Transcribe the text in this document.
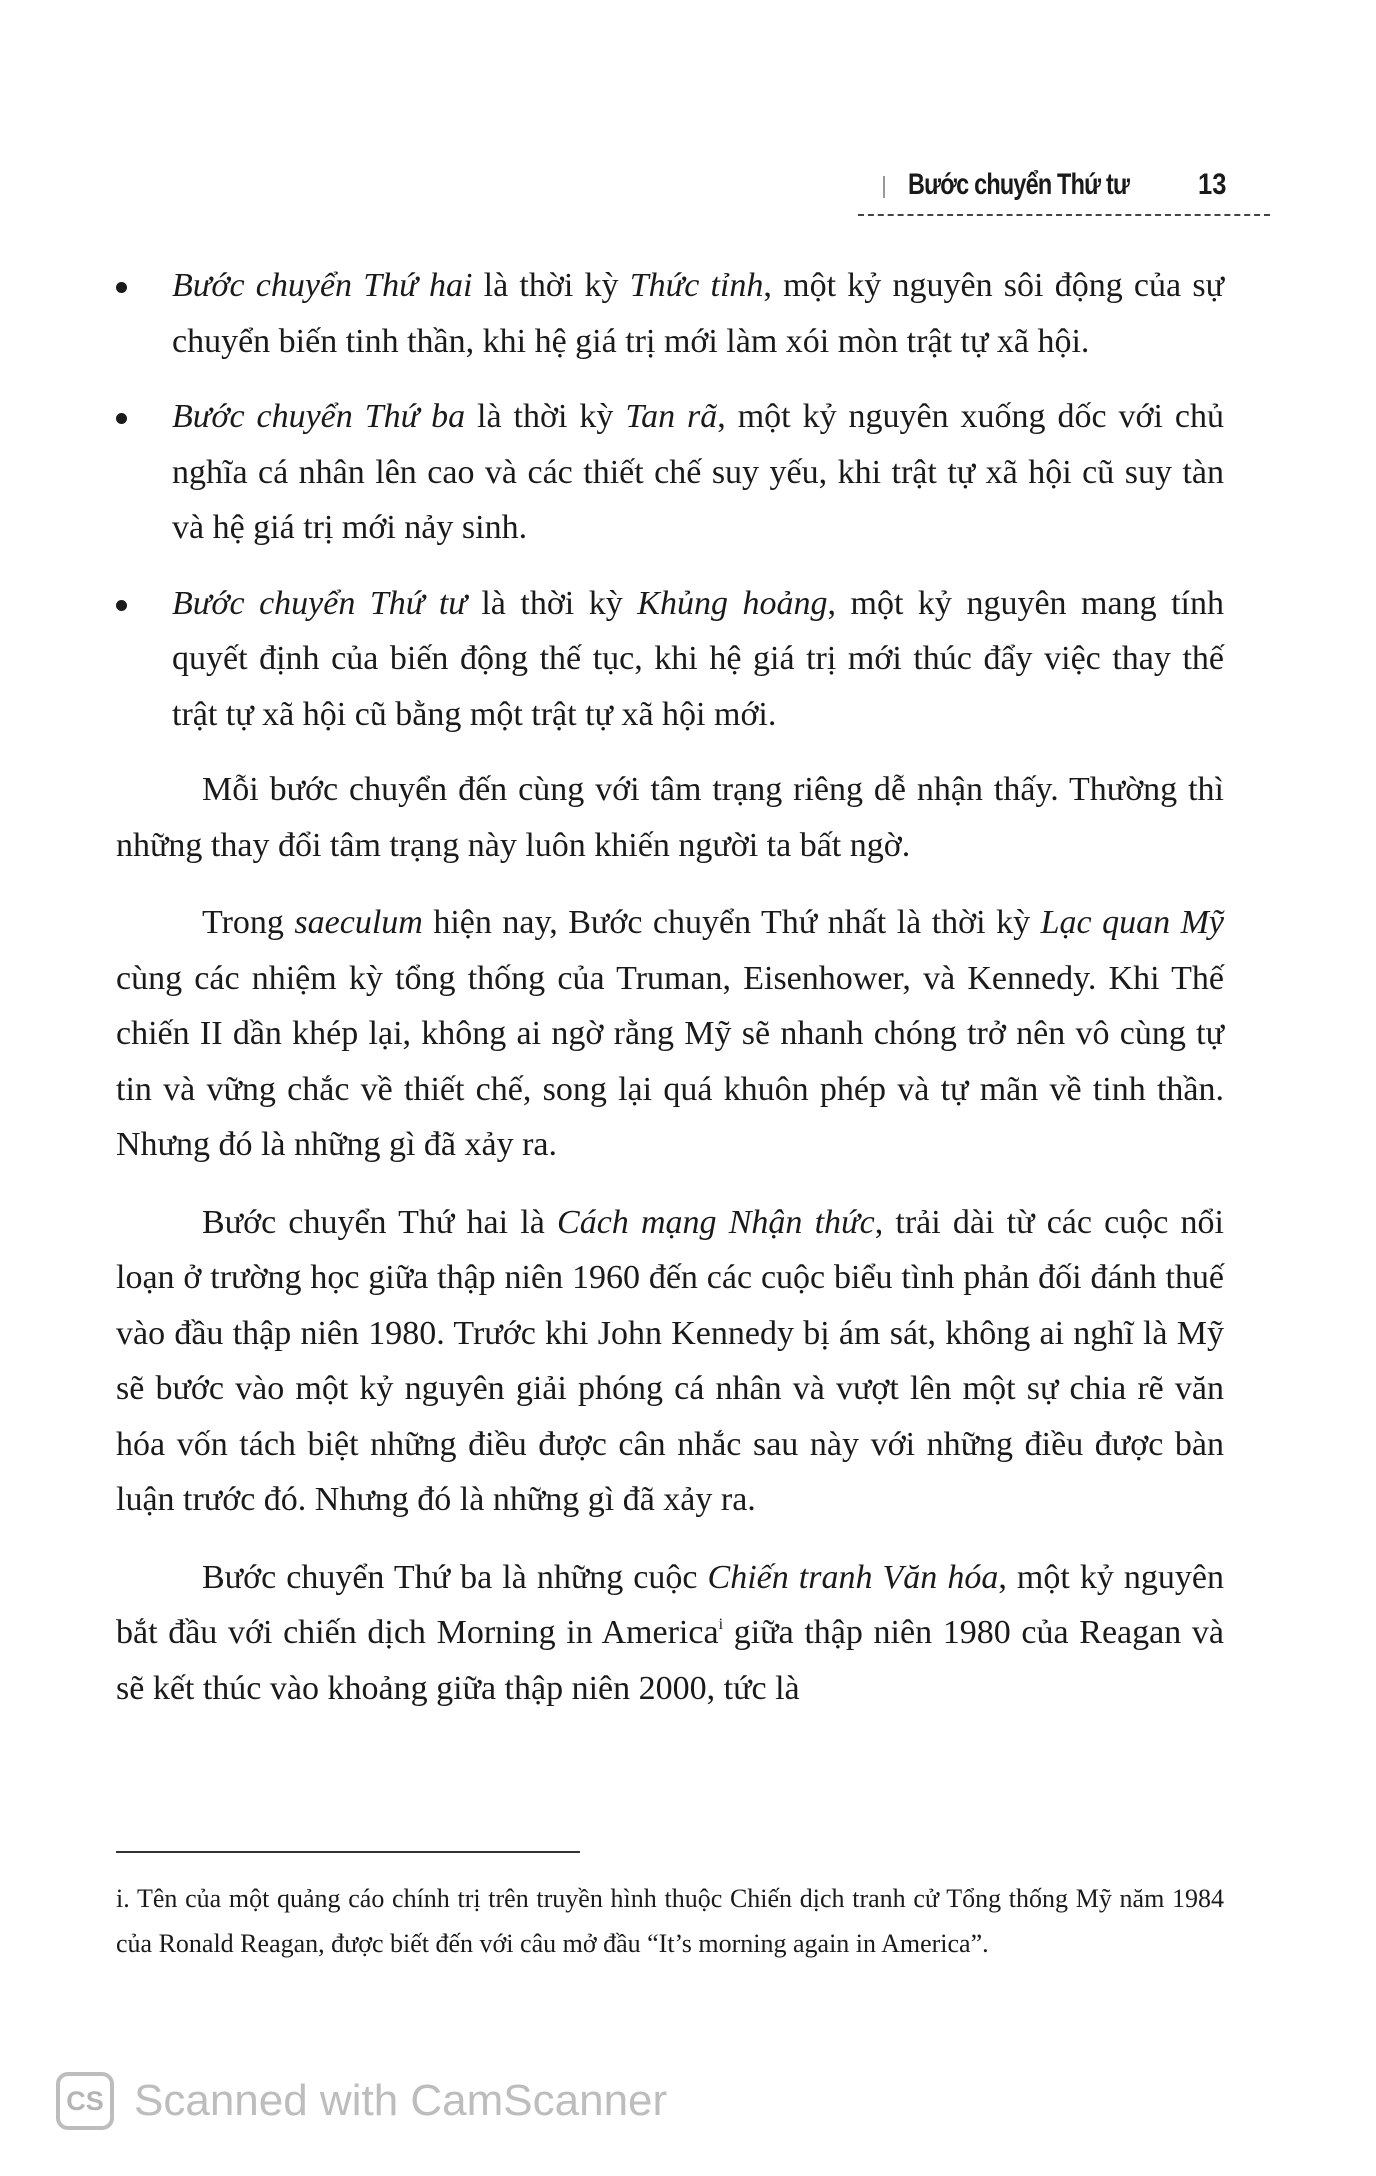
Bước chuyển Thứ tư 13
Bước chuyển Thứ hai là thời kỳ Thức tỉnh, một kỷ nguyên sôi động của sự chuyển biến tinh thần, khi hệ giá trị mới làm xói mòn trật tự xã hội.
Bước chuyển Thứ ba là thời kỳ Tan rã, một kỷ nguyên xuống dốc với chủ nghĩa cá nhân lên cao và các thiết chế suy yếu, khi trật tự xã hội cũ suy tàn và hệ giá trị mới nảy sinh.
Bước chuyển Thứ tư là thời kỳ Khủng hoảng, một kỷ nguyên mang tính quyết định của biến động thế tục, khi hệ giá trị mới thúc đẩy việc thay thế trật tự xã hội cũ bằng một trật tự xã hội mới.

Mỗi bước chuyển đến cùng với tâm trạng riêng dễ nhận thấy. Thường thì những thay đổi tâm trạng này luôn khiến người ta bất ngờ.

Trong saeculum hiện nay, Bước chuyển Thứ nhất là thời kỳ Lạc quan Mỹ cùng các nhiệm kỳ tổng thống của Truman, Eisenhower, và Kennedy. Khi Thế chiến II dần khép lại, không ai ngờ rằng Mỹ sẽ nhanh chóng trở nên vô cùng tự tin và vững chắc về thiết chế, song lại quá khuôn phép và tự mãn về tinh thần. Nhưng đó là những gì đã xảy ra.

Bước chuyển Thứ hai là Cách mạng Nhận thức, trải dài từ các cuộc nổi loạn ở trường học giữa thập niên 1960 đến các cuộc biểu tình phản đối đánh thuế vào đầu thập niên 1980. Trước khi John Kennedy bị ám sát, không ai nghĩ là Mỹ sẽ bước vào một kỷ nguyên giải phóng cá nhân và vượt lên một sự chia rẽ văn hóa vốn tách biệt những điều được cân nhắc sau này với những điều được bàn luận trước đó. Nhưng đó là những gì đã xảy ra.

Bước chuyển Thứ ba là những cuộc Chiến tranh Văn hóa, một kỷ nguyên bắt đầu với chiến dịch Morning in America$^i$ giữa thập niên 1980 của Reagan và sẽ kết thúc vào khoảng giữa thập niên 2000, tức là

i. Tên của một quảng cáo chính trị trên truyền hình thuộc Chiến dịch tranh cử Tổng thống Mỹ năm 1984 của Ronald Reagan, được biết đến với câu mở đầu “It’s morning again in America”.
CS Scanned with CamScanner
